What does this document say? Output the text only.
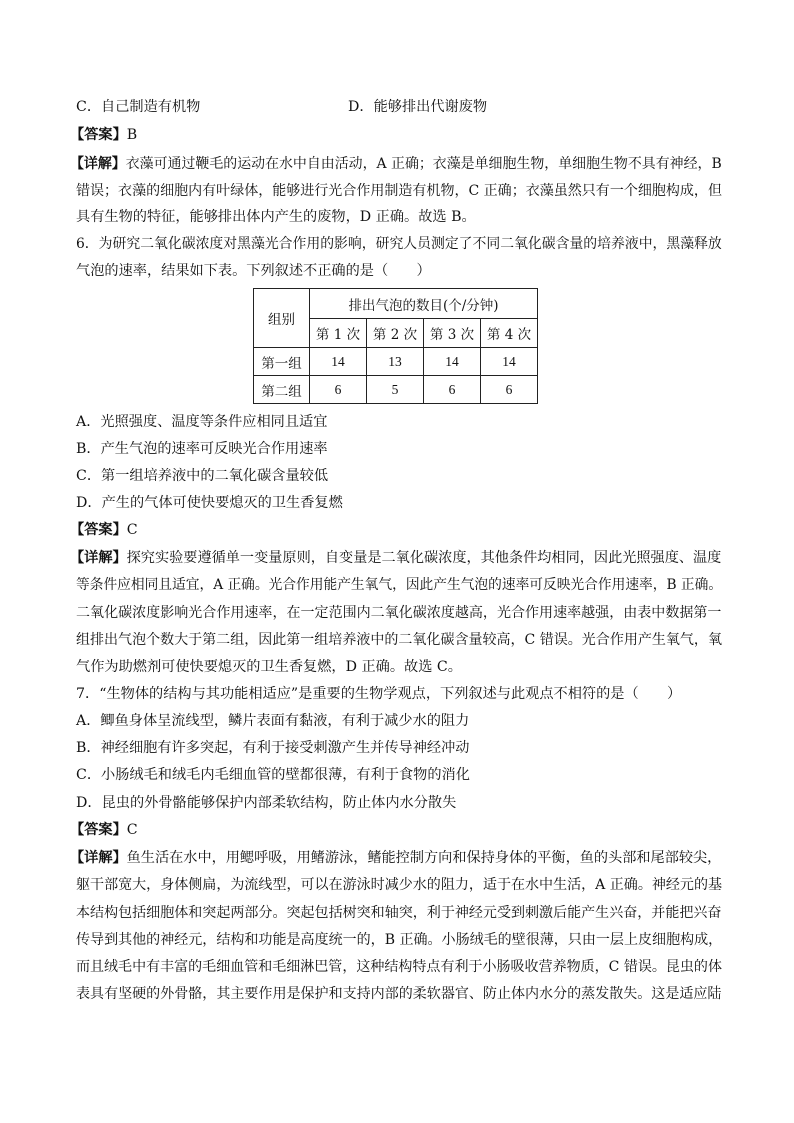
C．自己制造有机物	D．能够排出代谢废物
【答案】B
【详解】衣藻可通过鞭毛的运动在水中自由活动，A 正确；衣藻是单细胞生物，单细胞生物不具有神经，B
错误；衣藻的细胞内有叶绿体，能够进行光合作用制造有机物，C 正确；衣藻虽然只有一个细胞构成，但
具有生物的特征，能够排出体内产生的废物，D 正确。故选 B。
6．为研究二氧化碳浓度对黑藻光合作用的影响，研究人员测定了不同二氧化碳含量的培养液中，黑藻释放
气泡的速率，结果如下表。下列叙述不正确的是（　　）
组别	排出气泡的数目(个/分钟)			
	第 1 次	第 2 次	第 3 次	第 4 次
第一组	14	13	14	14
第二组	6	5	6	6
A．光照强度、温度等条件应相同且适宜
B．产生气泡的速率可反映光合作用速率
C．第一组培养液中的二氧化碳含量较低
D．产生的气体可使快要熄灭的卫生香复燃
【答案】C
【详解】探究实验要遵循单一变量原则，自变量是二氧化碳浓度，其他条件均相同，因此光照强度、温度
等条件应相同且适宜，A 正确。光合作用能产生氧气，因此产生气泡的速率可反映光合作用速率，B 正确。
二氧化碳浓度影响光合作用速率，在一定范围内二氧化碳浓度越高，光合作用速率越强，由表中数据第一
组排出气泡个数大于第二组，因此第一组培养液中的二氧化碳含量较高，C 错误。光合作用产生氧气，氧
气作为助燃剂可使快要熄灭的卫生香复燃，D 正确。故选 C。
7．“生物体的结构与其功能相适应”是重要的生物学观点，下列叙述与此观点不相符的是（　　）
A．鲫鱼身体呈流线型，鳞片表面有黏液，有利于减少水的阻力
B．神经细胞有许多突起，有利于接受刺激产生并传导神经冲动
C．小肠绒毛和绒毛内毛细血管的壁都很薄，有利于食物的消化
D．昆虫的外骨骼能够保护内部柔软结构，防止体内水分散失
【答案】C
【详解】鱼生活在水中，用鳃呼吸，用鳍游泳，鳍能控制方向和保持身体的平衡，鱼的头部和尾部较尖，
躯干部宽大，身体侧扁，为流线型，可以在游泳时减少水的阻力，适于在水中生活，A 正确。神经元的基
本结构包括细胞体和突起两部分。突起包括树突和轴突，利于神经元受到刺激后能产生兴奋，并能把兴奋
传导到其他的神经元，结构和功能是高度统一的，B 正确。小肠绒毛的壁很薄，只由一层上皮细胞构成，
而且绒毛中有丰富的毛细血管和毛细淋巴管，这种结构特点有利于小肠吸收营养物质，C 错误。昆虫的体
表具有坚硬的外骨骼，其主要作用是保护和支持内部的柔软器官、防止体内水分的蒸发散失。这是适应陆
